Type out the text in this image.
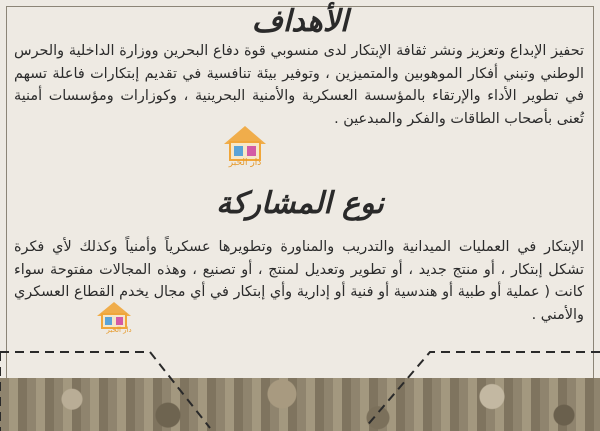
الأهداف
تحفيز الإبداع وتعزيز ونشر ثقافة الإبتكار لدى منسوبي قوة دفاع البحرين ووزارة الداخلية والحرس الوطني وتبني أفكار الموهوبين والمتميزين ، وتوفير بيئة تنافسية في تقديم إبتكارات فاعلة تسهم في تطوير الأداء والإرتقاء بالمؤسسة العسكرية والأمنية البحرينية ، وكوزارات ومؤسسات أمنية تُعنى بأصحاب الطاقات والفكر والمبدعين .
نوع المشاركة
الإبتكار في العمليات الميدانية والتدريب والمناورة وتطويرها عسكرياً وأمنياً وكذلك لأي فكرة تشكل إبتكار ، أو منتج جديد ، أو تطوير وتعديل لمنتج ، أو تصنيع ، وهذه المجالات مفتوحة سواء كانت ( عملية أو طبية أو هندسية أو فنية أو إدارية وأي إبتكار في أي مجال يخدم القطاع العسكري والأمني .
دار الخبر
دار الخبر
